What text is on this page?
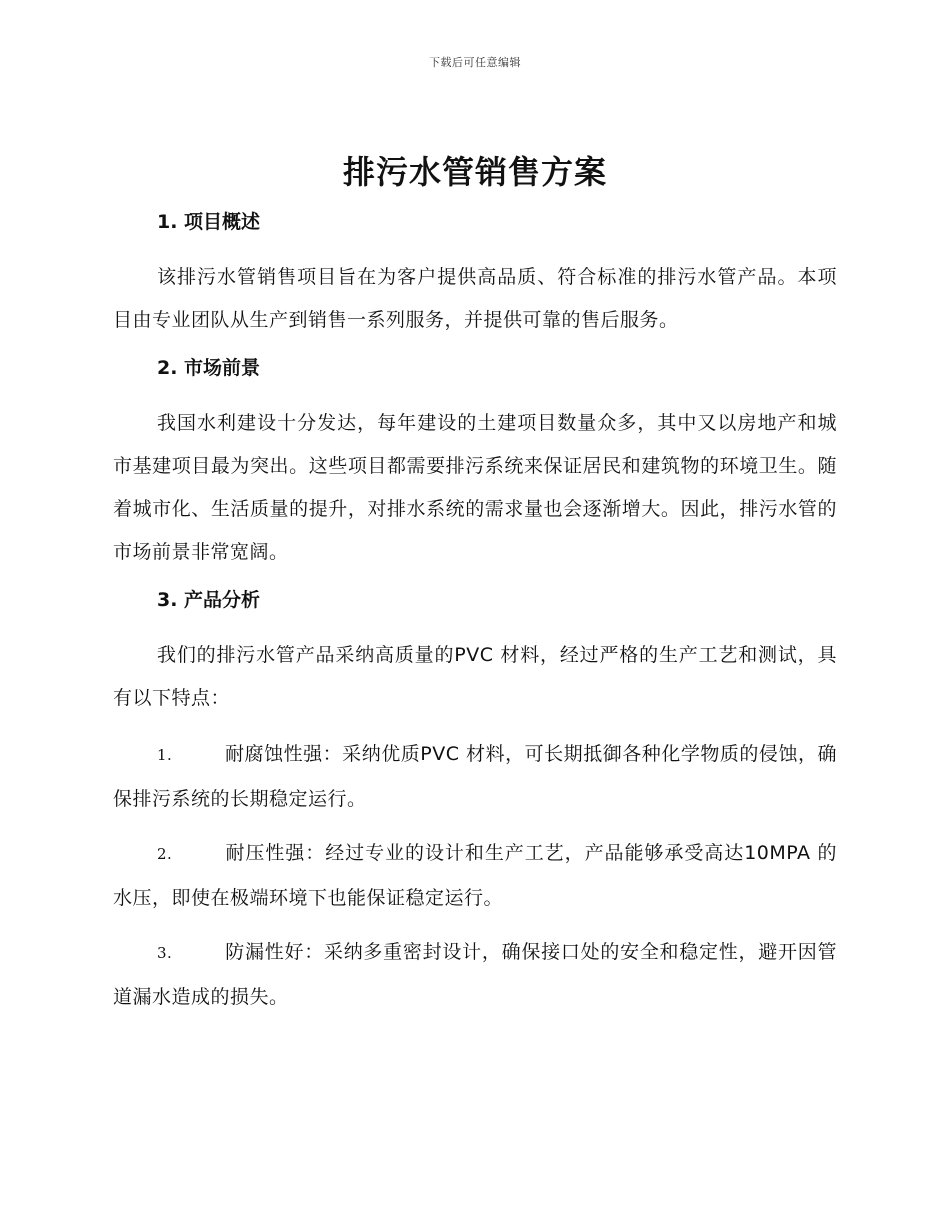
下载后可任意编辑
排污水管销售方案
1. 项目概述

该排污水管销售项目旨在为客户提供高品质、符合标准的排污水管产品。本项目由专业团队从生产到销售一系列服务，并提供可靠的售后服务。

2. 市场前景

我国水利建设十分发达，每年建设的土建项目数量众多，其中又以房地产和城市基建项目最为突出。这些项目都需要排污系统来保证居民和建筑物的环境卫生。随着城市化、生活质量的提升，对排水系统的需求量也会逐渐增大。因此，排污水管的市场前景非常宽阔。

3. 产品分析

我们的排污水管产品采纳高质量的PVC 材料，经过严格的生产工艺和测试，具有以下特点：

1.	耐腐蚀性强：采纳优质PVC 材料，可长期抵御各种化学物质的侵蚀，确保排污系统的长期稳定运行。
2.	耐压性强：经过专业的设计和生产工艺，产品能够承受高达10MPA 的水压，即使在极端环境下也能保证稳定运行。
3.	防漏性好：采纳多重密封设计，确保接口处的安全和稳定性，避开因管道漏水造成的损失。
